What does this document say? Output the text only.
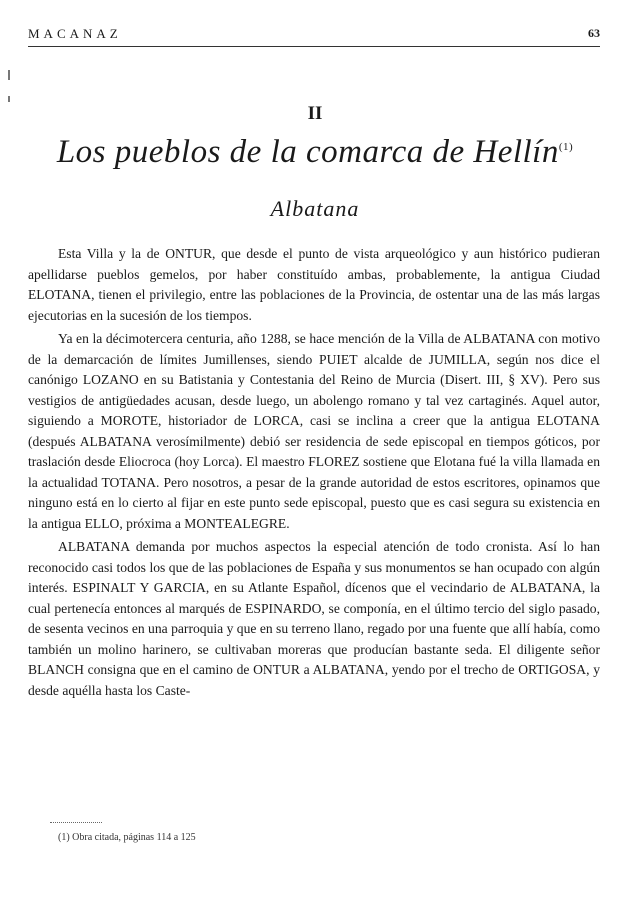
MACANAZ	63
II
Los pueblos de la comarca de Hellín$^{(1)}$
Albatana

Esta Villa y la de ONTUR, que desde el punto de vista arqueológico y aun histórico pudieran apellidarse pueblos gemelos, por haber constituído ambas, probablemente, la antigua Ciudad ELOTANA, tienen el privilegio, entre las poblaciones de la Provincia, de ostentar una de las más largas ejecutorias en la sucesión de los tiempos.

Ya en la décimotercera centuria, año 1288, se hace mención de la Villa de ALBATANA con motivo de la demarcación de límites Jumillenses, siendo PUIET alcalde de JUMILLA, según nos dice el canónigo LOZANO en su Batistania y Contestania del Reino de Murcia (Disert. III, § XV). Pero sus vestigios de antigüedades acusan, desde luego, un abolengo romano y tal vez cartaginés. Aquel autor, siguiendo a MOROTE, historiador de LORCA, casi se inclina a creer que la antigua ELOTANA (después ALBATANA verosímilmente) debió ser residencia de sede episcopal en tiempos góticos, por traslación desde Eliocroca (hoy Lorca). El maestro FLOREZ sostiene que Elotana fué la villa llamada en la actualidad TOTANA. Pero nosotros, a pesar de la grande autoridad de estos escritores, opinamos que ninguno está en lo cierto al fijar en este punto sede episcopal, puesto que es casi segura su existencia en la antigua ELLO, próxima a MONTEALEGRE.

ALBATANA demanda por muchos aspectos la especial atención de todo cronista. Así lo han reconocido casi todos los que de las poblaciones de España y sus monumentos se han ocupado con algún interés. ESPINALT Y GARCIA, en su Atlante Español, dícenos que el vecindario de ALBATANA, la cual pertenecía entonces al marqués de ESPINARDO, se componía, en el último tercio del siglo pasado, de sesenta vecinos en una parroquia y que en su terreno llano, regado por una fuente que allí había, como también un molino harinero, se cultivaban moreras que producían bastante seda. El diligente señor BLANCH consigna que en el camino de ONTUR a ALBATANA, yendo por el trecho de ORTIGOSA, y desde aquélla hasta los Caste-

(1) Obra citada, páginas 114 a 125
